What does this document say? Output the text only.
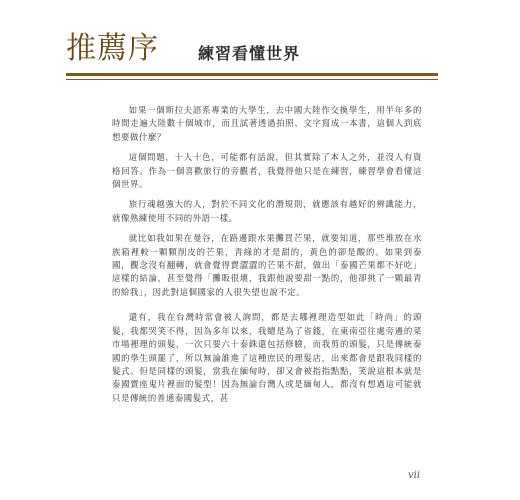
推薦序 練習看懂世界

如果一個斯拉夫語系專業的大學生，去中國大陸作交換學生，用半年多的時間走遍大陸數十個城市，而且試著透過拍照、文字寫成一本書，這個人到底想要做什麼？

這個問題，十人十色，可能都有話說，但其實除了本人之外，並沒人有資格回答。作為一個喜歡旅行的旁觀者，我覺得他只是在練習，練習學會看懂這個世界。

旅行魂越強大的人，對於不同文化的潛規則，就應該有越好的辨識能力，就像熟練使用不同的外語一樣。

就比如我如果在曼谷，在路邊跟水果攤買芒果，就要知道，那些堆放在水族箱裡較一顆顆削皮的芒果，青綠的才是甜的，黃色的卻是酸的。如果到泰國，觀念沒有翻轉，就會覺得賣澀澀的芒果不甜，做出「泰國芒果都不好吃」這樣的結論，甚至覺得「攤販很壞，我跟他說要甜一點的，他卻挑了一顆最青的給我」，因此對這個國家的人很失望也說不定。

還有，我在台灣時常會被人詢問，都是去哪裡理造型如此「時尚」的頭髮，我都哭笑不得，因為多年以來，我總是為了省錢，在東南亞往處旁邊的菜市場裡理的頭髮，一次只要六十泰銖還包括修臉，而我剪的頭髮，只是傳統泰國的學生頭罷了，所以無論誰進了這種庶民的理髮店，出來都會是跟我同樣的髮式。但是同樣的頭髮，當我在緬甸時，卻又會被指指點點，笑說這根本就是泰國賣座鬼片裡面的髮型！因為無論台灣人或是緬甸人，都沒有想過這可能就只是傳統的普通泰國髮式，甚

vii
